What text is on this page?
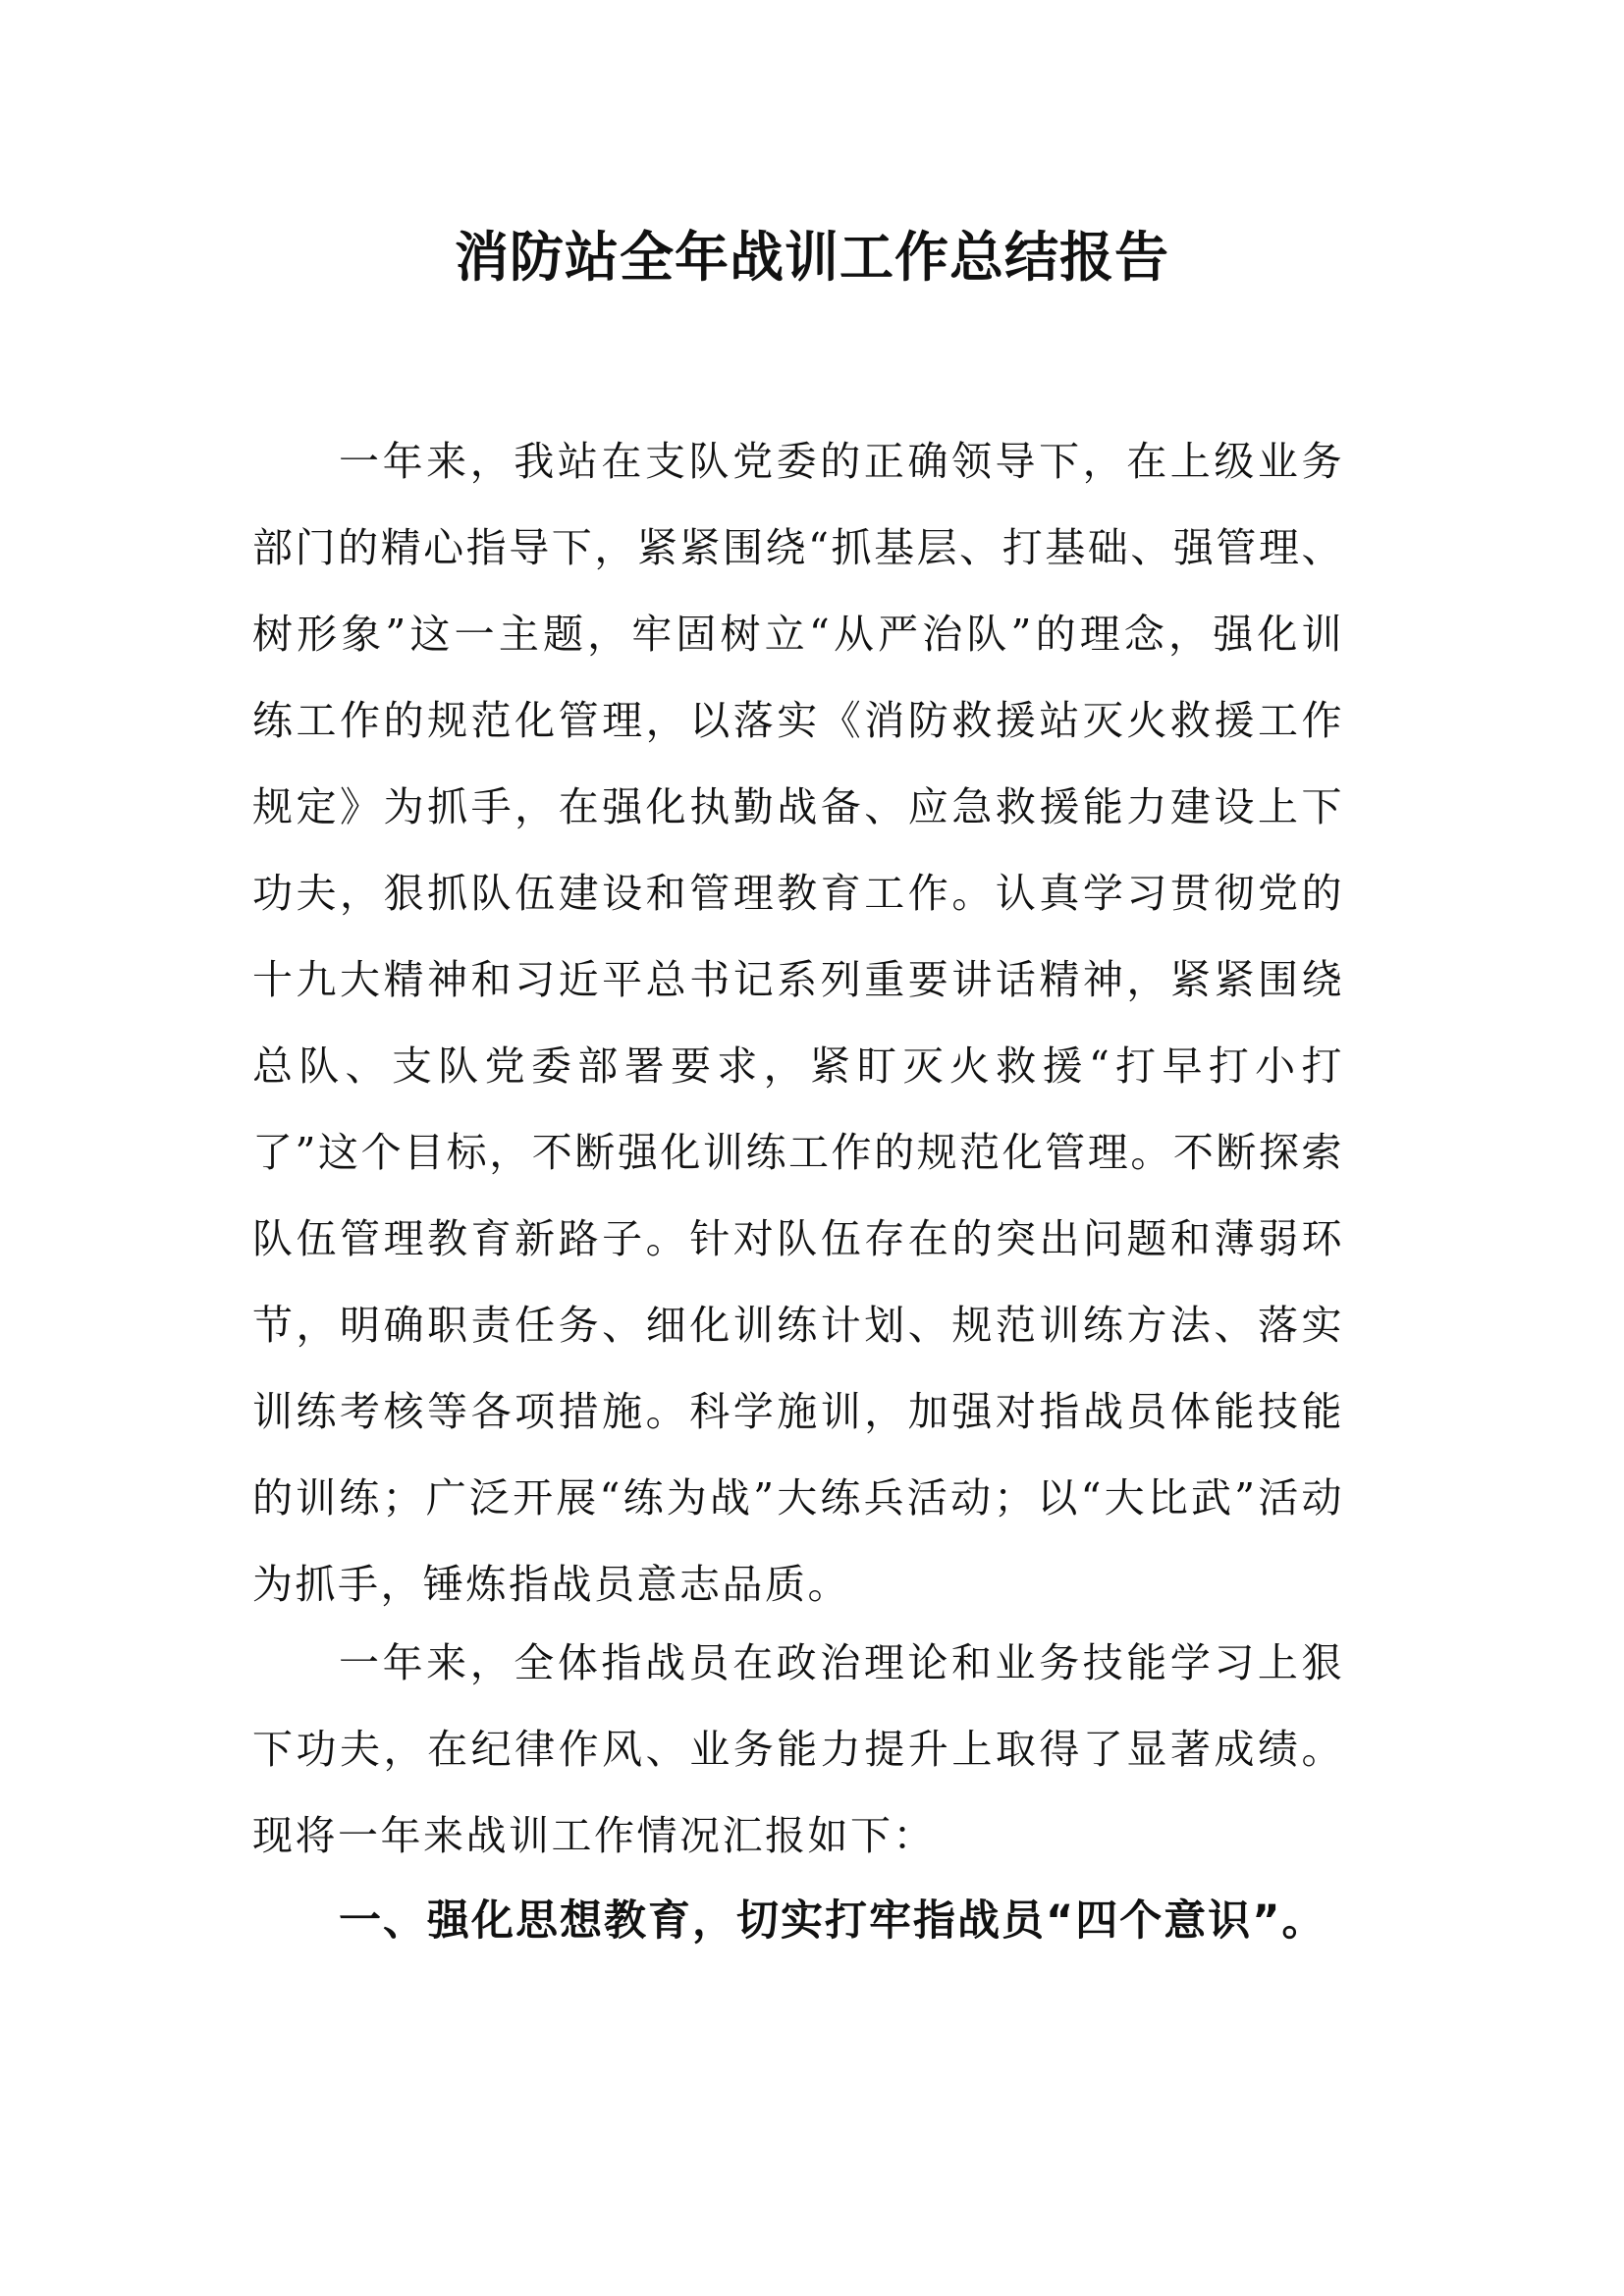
消防站全年战训工作总结报告

一年来，我站在支队党委的正确领导下，在上级业务部门的精心指导下，紧紧围绕“抓基层、打基础、强管理、树形象”这一主题，牢固树立“从严治队”的理念，强化训练工作的规范化管理，以落实《消防救援站灭火救援工作规定》为抓手，在强化执勤战备、应急救援能力建设上下功夫，狠抓队伍建设和管理教育工作。认真学习贯彻党的十九大精神和习近平总书记系列重要讲话精神，紧紧围绕总队、支队党委部署要求，紧盯灭火救援“打早打小打了”这个目标，不断强化训练工作的规范化管理。不断探索队伍管理教育新路子。针对队伍存在的突出问题和薄弱环节，明确职责任务、细化训练计划、规范训练方法、落实训练考核等各项措施。科学施训，加强对指战员体能技能的训练；广泛开展“练为战”大练兵活动；以“大比武”活动为抓手，锤炼指战员意志品质。

一年来，全体指战员在政治理论和业务技能学习上狠下功夫，在纪律作风、业务能力提升上取得了显著成绩。现将一年来战训工作情况汇报如下：

一、强化思想教育，切实打牢指战员“四个意识”。
